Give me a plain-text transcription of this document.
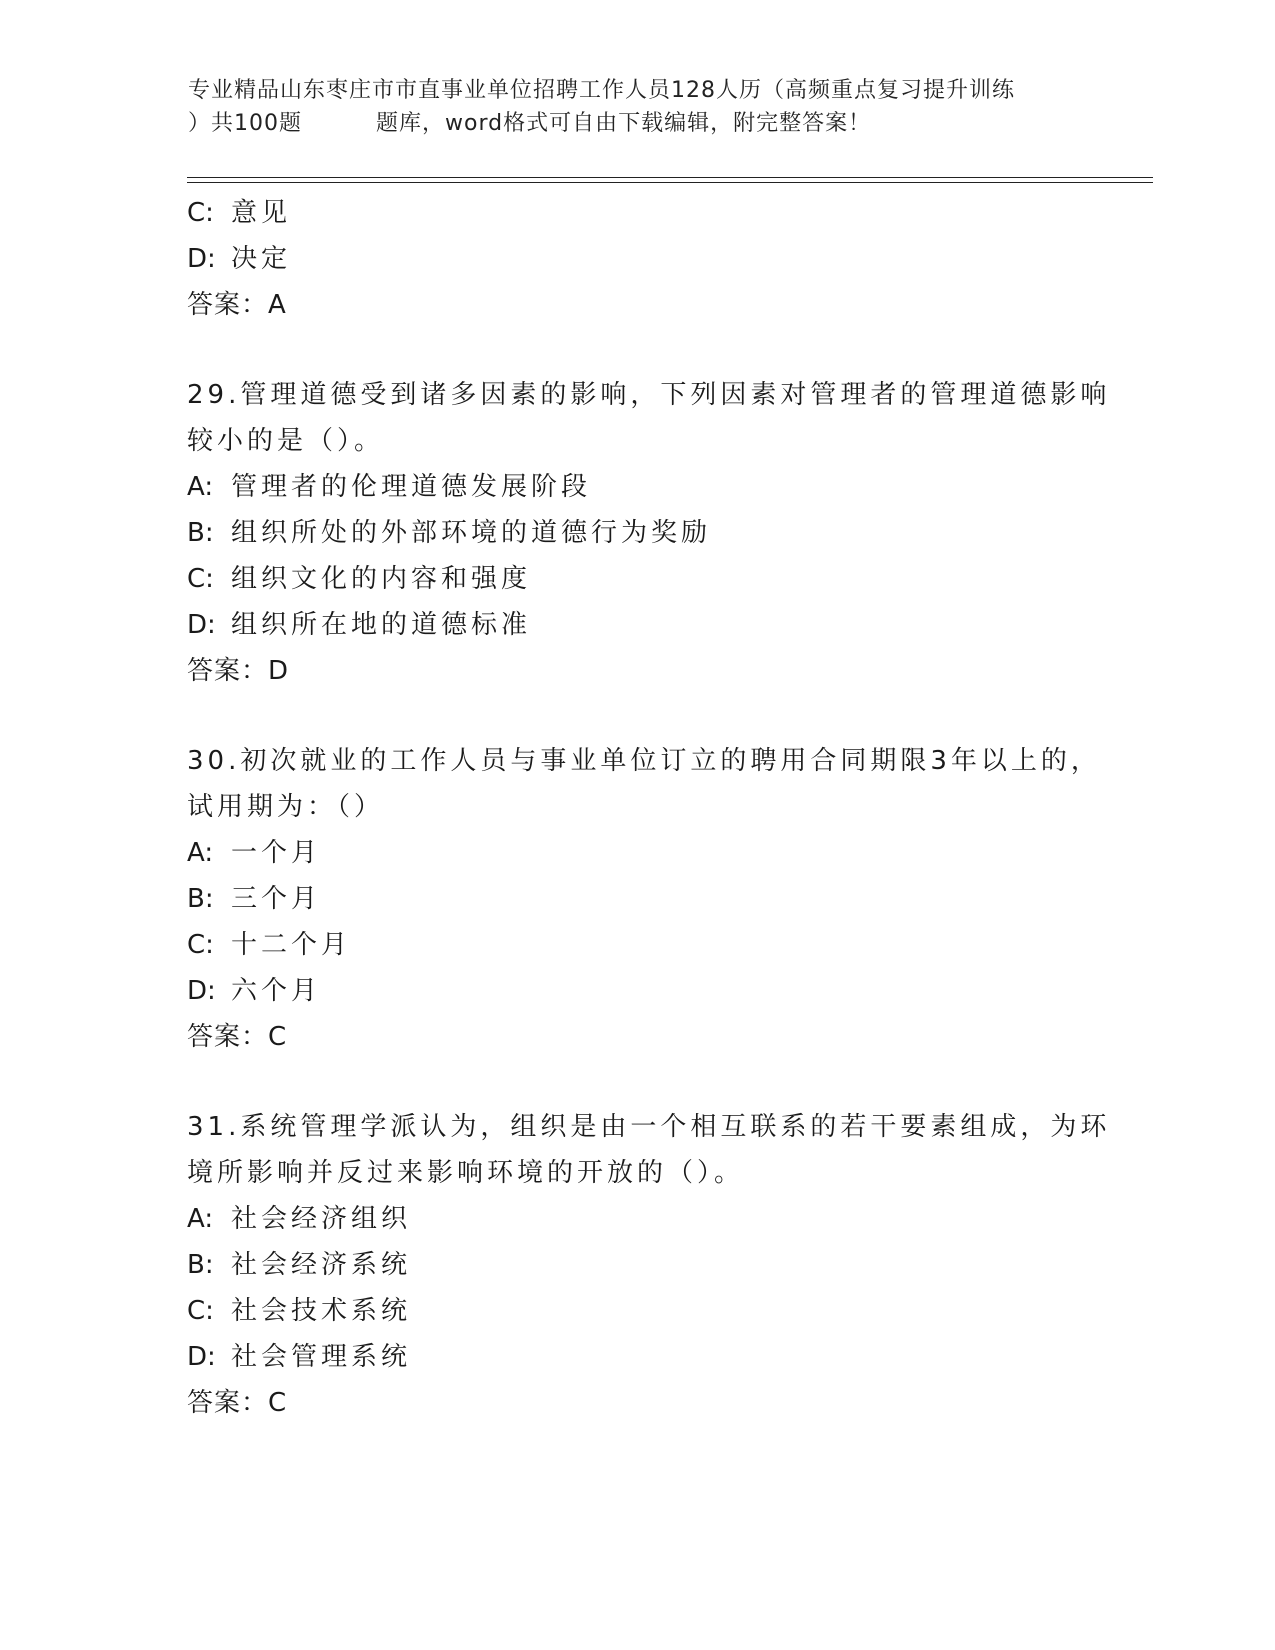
专业精品山东枣庄市市直事业单位招聘工作人员128人历（高频重点复习提升训练
）共100题	题库，word格式可自由下载编辑，附完整答案！
C: 意见
D: 决定
答案：A
29.管理道德受到诸多因素的影响，下列因素对管理者的管理道德影响
较小的是（）。
A: 管理者的伦理道德发展阶段
B: 组织所处的外部环境的道德行为奖励
C: 组织文化的内容和强度
D: 组织所在地的道德标准
答案：D
30.初次就业的工作人员与事业单位订立的聘用合同期限3年以上的，
试用期为：（）
A: 一个月
B: 三个月
C: 十二个月
D: 六个月
答案：C
31.系统管理学派认为，组织是由一个相互联系的若干要素组成，为环
境所影响并反过来影响环境的开放的（）。
A: 社会经济组织
B: 社会经济系统
C: 社会技术系统
D: 社会管理系统
答案：C
